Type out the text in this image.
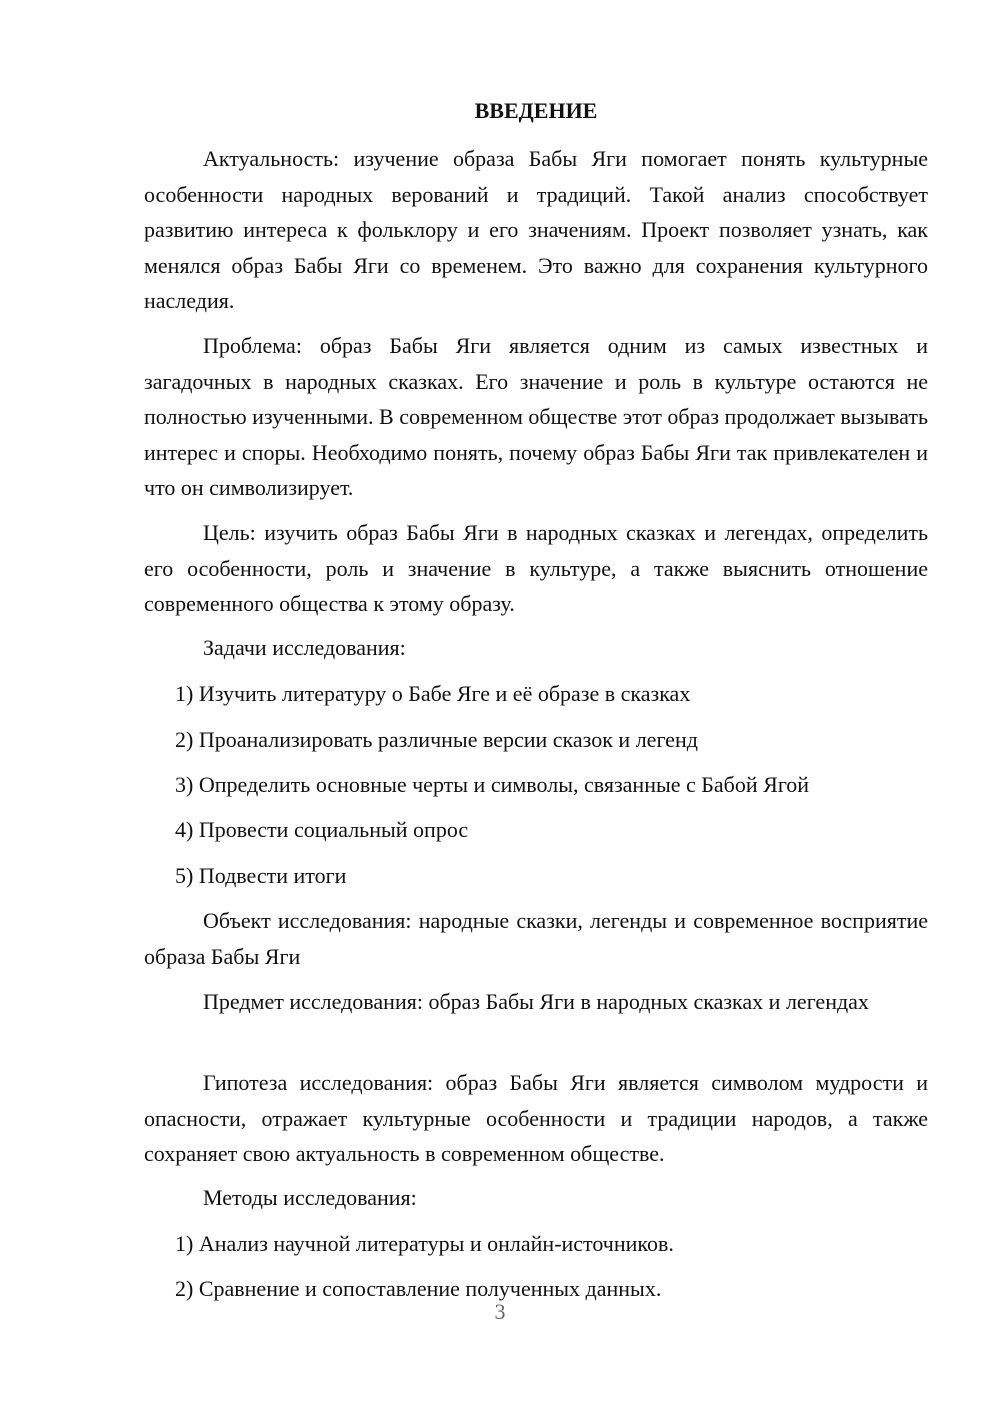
ВВЕДЕНИЕ

Актуальность: изучение образа Бабы Яги помогает понять культурные особенности народных верований и традиций. Такой анализ способствует развитию интереса к фольклору и его значениям. Проект позволяет узнать, как менялся образ Бабы Яги со временем. Это важно для сохранения культурного наследия.

Проблема: образ Бабы Яги является одним из самых известных и загадочных в народных сказках. Его значение и роль в культуре остаются не полностью изученными. В современном обществе этот образ продолжает вызывать интерес и споры. Необходимо понять, почему образ Бабы Яги так привлекателен и что он символизирует.

Цель: изучить образ Бабы Яги в народных сказках и легендах, определить его особенности, роль и значение в культуре, а также выяснить отношение современного общества к этому образу.

Задачи исследования:

1) Изучить литературу о Бабе Яге и её образе в сказках

2) Проанализировать различные версии сказок и легенд

3) Определить основные черты и символы, связанные с Бабой Ягой

4) Провести социальный опрос

5) Подвести итоги

Объект исследования: народные сказки, легенды и современное восприятие образа Бабы Яги

Предмет исследования: образ Бабы Яги в народных сказках и легендах

Гипотеза исследования: образ Бабы Яги является символом мудрости и опасности, отражает культурные особенности и традиции народов, а также сохраняет свою актуальность в современном обществе.

Методы исследования:

1) Анализ научной литературы и онлайн-источников.

2) Сравнение и сопоставление полученных данных.

3
